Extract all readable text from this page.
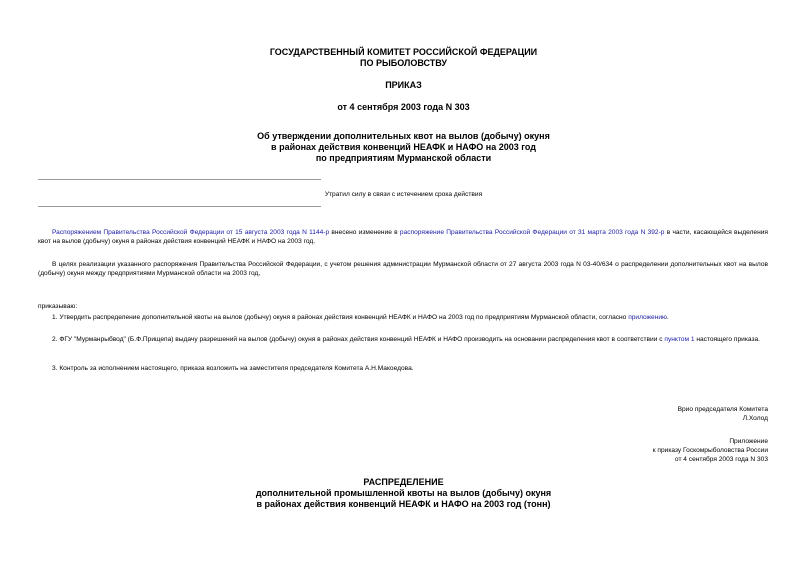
ГОСУДАРСТВЕННЫЙ КОМИТЕТ РОССИЙСКОЙ ФЕДЕРАЦИИ
ПО РЫБОЛОВСТВУ
ПРИКАЗ
от 4 сентября 2003 года N 303
Об утверждении дополнительных квот на вылов (добычу) окуня
в районах действия конвенций НЕАФК и НАФО на 2003 год
по предприятиям Мурманской области
Утратил силу в связи с истечением срока действия
Распоряжением Правительства Российской Федерации от 15 августа 2003 года N 1144-р внесено изменение в распоряжение Правительства Российской Федерации от 31 марта 2003 года N 392-р в части, касающейся выделения квот на вылов (добычу) окуня в районах действия конвенций НЕАФК и НАФО на 2003 год.
В целях реализации указанного распоряжения Правительства Российской Федерации, с учетом решения администрации Мурманской области от 27 августа 2003 года N 03-40/634 о распределении дополнительных квот на вылов (добычу) окуня между предприятиями Мурманской области на 2003 год,
приказываю:
1. Утвердить распределение дополнительной квоты на вылов (добычу) окуня в районах действия конвенций НЕАФК и НАФО на 2003 год по предприятиям Мурманской области, согласно приложению.
2. ФГУ "Мурманрыбвод" (Б.Ф.Прищепа) выдачу разрешений на вылов (добычу) окуня в районах действия конвенций НЕАФК и НАФО производить на основании распределения квот в соответствии с пунктом 1 настоящего приказа.
3. Контроль за исполнением настоящего, приказа возложить на заместителя председателя Комитета А.Н.Макоедова.
Врио председателя Комитета
Л.Холод
Приложение
к приказу Госкомрыболовства России
от 4 сентября 2003 года N 303
РАСПРЕДЕЛЕНИЕ
дополнительной промышленной квоты на вылов (добычу) окуня
в районах действия конвенций НЕАФК и НАФО на 2003 год (тонн)
